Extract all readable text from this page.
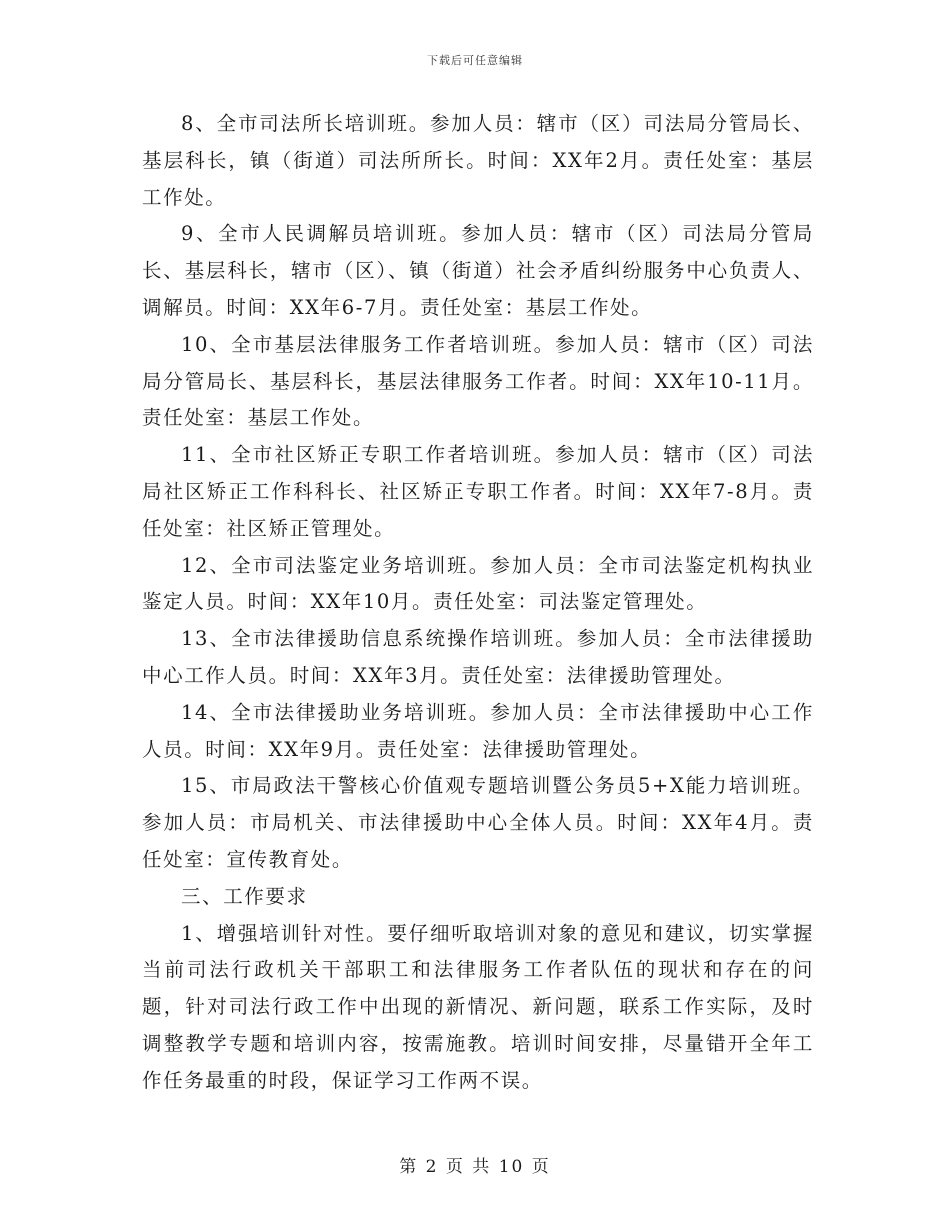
下载后可任意编辑

8、全市司法所长培训班。参加人员：辖市（区）司法局分管局长、基层科长，镇（街道）司法所所长。时间：XX年2月。责任处室：基层工作处。

9、全市人民调解员培训班。参加人员：辖市（区）司法局分管局长、基层科长，辖市（区）、镇（街道）社会矛盾纠纷服务中心负责人、调解员。时间：XX年6-7月。责任处室：基层工作处。

10、全市基层法律服务工作者培训班。参加人员：辖市（区）司法局分管局长、基层科长，基层法律服务工作者。时间：XX年10-11月。责任处室：基层工作处。

11、全市社区矫正专职工作者培训班。参加人员：辖市（区）司法局社区矫正工作科科长、社区矫正专职工作者。时间：XX年7-8月。责任处室：社区矫正管理处。

12、全市司法鉴定业务培训班。参加人员：全市司法鉴定机构执业鉴定人员。时间：XX年10月。责任处室：司法鉴定管理处。

13、全市法律援助信息系统操作培训班。参加人员：全市法律援助中心工作人员。时间：XX年3月。责任处室：法律援助管理处。

14、全市法律援助业务培训班。参加人员：全市法律援助中心工作人员。时间：XX年9月。责任处室：法律援助管理处。

15、市局政法干警核心价值观专题培训暨公务员5+X能力培训班。参加人员：市局机关、市法律援助中心全体人员。时间：XX年4月。责任处室：宣传教育处。

三、工作要求

1、增强培训针对性。要仔细听取培训对象的意见和建议，切实掌握当前司法行政机关干部职工和法律服务工作者队伍的现状和存在的问题，针对司法行政工作中出现的新情况、新问题，联系工作实际，及时调整教学专题和培训内容，按需施教。培训时间安排，尽量错开全年工作任务最重的时段，保证学习工作两不误。

第 2 页 共 10 页
